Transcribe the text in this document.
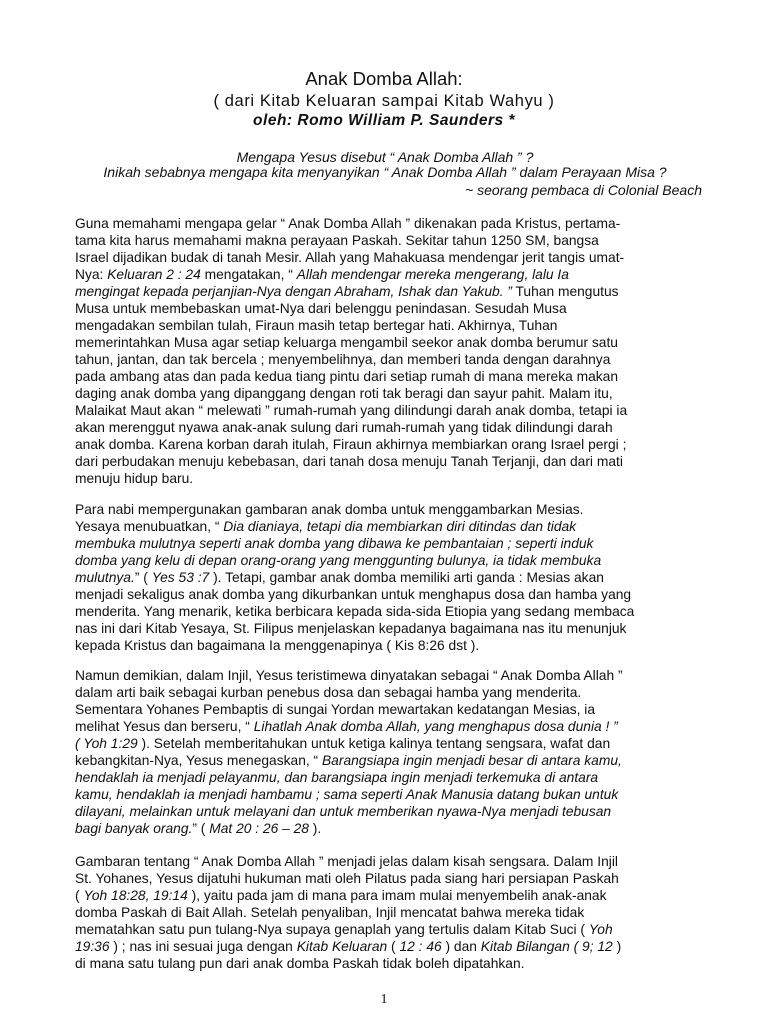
Anak Domba Allah:
( dari Kitab Keluaran sampai Kitab Wahyu )
oleh: Romo William P. Saunders *
Mengapa Yesus disebut “ Anak Domba Allah ” ?
Inikah sebabnya mengapa kita menyanyikan “ Anak Domba Allah ” dalam Perayaan Misa ?
~ seorang pembaca di Colonial Beach

Guna memahami mengapa gelar “ Anak Domba Allah ” dikenakan pada Kristus, pertama-
tama kita harus memahami makna perayaan Paskah. Sekitar tahun 1250 SM, bangsa
Israel dijadikan budak di tanah Mesir. Allah yang Mahakuasa mendengar jerit tangis umat-
Nya: Keluaran 2 : 24 mengatakan, “ Allah mendengar mereka mengerang, lalu Ia
mengingat kepada perjanjian-Nya dengan Abraham, Ishak dan Yakub. ” Tuhan mengutus
Musa untuk membebaskan umat-Nya dari belenggu penindasan. Sesudah Musa
mengadakan sembilan tulah, Firaun masih tetap bertegar hati. Akhirnya, Tuhan
memerintahkan Musa agar setiap keluarga mengambil seekor anak domba berumur satu
tahun, jantan, dan tak bercela ; menyembelihnya, dan memberi tanda dengan darahnya
pada ambang atas dan pada kedua tiang pintu dari setiap rumah di mana mereka makan
daging anak domba yang dipanggang dengan roti tak beragi dan sayur pahit. Malam itu,
Malaikat Maut akan “ melewati ” rumah-rumah yang dilindungi darah anak domba, tetapi ia
akan merenggut nyawa anak-anak sulung dari rumah-rumah yang tidak dilindungi darah
anak domba. Karena korban darah itulah, Firaun akhirnya membiarkan orang Israel pergi ;
dari perbudakan menuju kebebasan, dari tanah dosa menuju Tanah Terjanji, dan dari mati
menuju hidup baru.

Para nabi mempergunakan gambaran anak domba untuk menggambarkan Mesias.
Yesaya menubuatkan, “ Dia dianiaya, tetapi dia membiarkan diri ditindas dan tidak
membuka mulutnya seperti anak domba yang dibawa ke pembantaian ; seperti induk
domba yang kelu di depan orang-orang yang menggunting bulunya, ia tidak membuka
mulutnya.” ( Yes 53 :7 ). Tetapi, gambar anak domba memiliki arti ganda : Mesias akan
menjadi sekaligus anak domba yang dikurbankan untuk menghapus dosa dan hamba yang
menderita. Yang menarik, ketika berbicara kepada sida-sida Etiopia yang sedang membaca
nas ini dari Kitab Yesaya, St. Filipus menjelaskan kepadanya bagaimana nas itu menunjuk
kepada Kristus dan bagaimana Ia menggenapinya ( Kis 8:26 dst ).

Namun demikian, dalam Injil, Yesus teristimewa dinyatakan sebagai “ Anak Domba Allah ”
dalam arti baik sebagai kurban penebus dosa dan sebagai hamba yang menderita.
Sementara Yohanes Pembaptis di sungai Yordan mewartakan kedatangan Mesias, ia
melihat Yesus dan berseru, “ Lihatlah Anak domba Allah, yang menghapus dosa dunia ! ”
( Yoh 1:29 ). Setelah memberitahukan untuk ketiga kalinya tentang sengsara, wafat dan
kebangkitan-Nya, Yesus menegaskan, “ Barangsiapa ingin menjadi besar di antara kamu,
hendaklah ia menjadi pelayanmu, dan barangsiapa ingin menjadi terkemuka di antara
kamu, hendaklah ia menjadi hambamu ; sama seperti Anak Manusia datang bukan untuk
dilayani, melainkan untuk melayani dan untuk memberikan nyawa-Nya menjadi tebusan
bagi banyak orang.” ( Mat 20 : 26 – 28 ).

Gambaran tentang “ Anak Domba Allah ” menjadi jelas dalam kisah sengsara. Dalam Injil
St. Yohanes, Yesus dijatuhi hukuman mati oleh Pilatus pada siang hari persiapan Paskah
( Yoh 18:28, 19:14 ), yaitu pada jam di mana para imam mulai menyembelih anak-anak
domba Paskah di Bait Allah. Setelah penyaliban, Injil mencatat bahwa mereka tidak
mematahkan satu pun tulang-Nya supaya genaplah yang tertulis dalam Kitab Suci ( Yoh
19:36 ) ; nas ini sesuai juga dengan Kitab Keluaran ( 12 : 46 ) dan Kitab Bilangan ( 9; 12 )
di mana satu tulang pun dari anak domba Paskah tidak boleh dipatahkan.

1
